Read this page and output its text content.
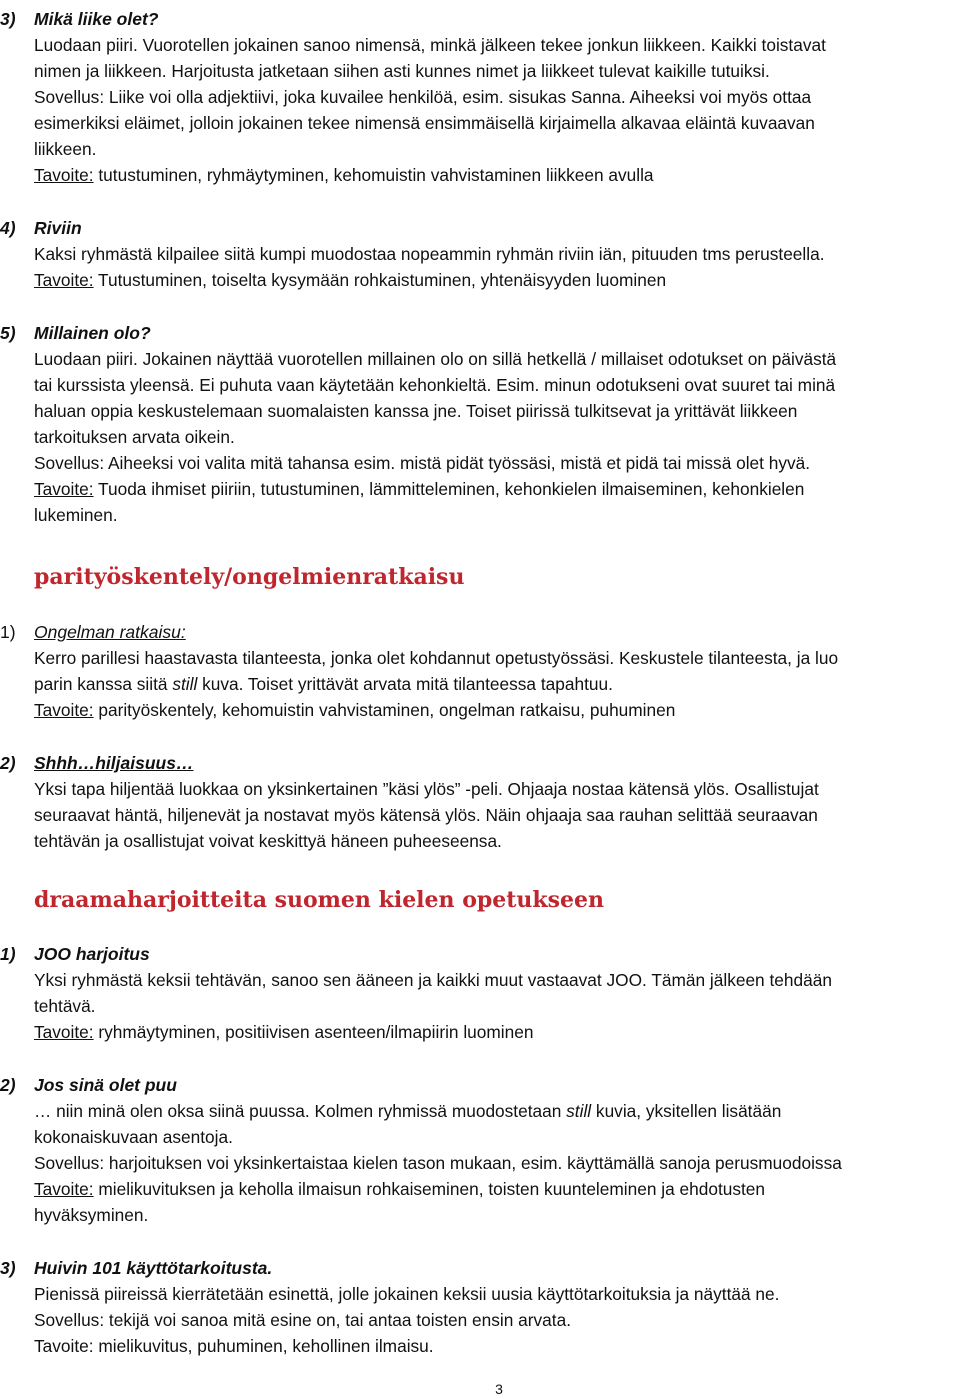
3) Mikä liike olet?
Luodaan piiri. Vuorotellen jokainen sanoo nimensä, minkä jälkeen tekee jonkun liikkeen. Kaikki toistavat
nimen ja liikkeen. Harjoitusta jatketaan siihen asti kunnes nimet ja liikkeet tulevat kaikille tutuiksi.
Sovellus: Liike voi olla adjektiivi, joka kuvailee henkilöä, esim. sisukas Sanna. Aiheeksi voi myös ottaa
esimerkiksi eläimet, jolloin jokainen tekee nimensä ensimmäisellä kirjaimella alkavaa eläintä kuvaavan
liikkeen.
Tavoite: tutustuminen, ryhmäytyminen, kehomuistin vahvistaminen liikkeen avulla
4) Riviin
Kaksi ryhmästä kilpailee siitä kumpi muodostaa nopeammin ryhmän riviin iän, pituuden tms perusteella.
Tavoite: Tutustuminen, toiselta kysymään rohkaistuminen, yhtenäisyyden luominen
5) Millainen olo?
Luodaan piiri. Jokainen näyttää vuorotellen millainen olo on sillä hetkellä / millaiset odotukset on päivästä
tai kurssista yleensä. Ei puhuta vaan käytetään kehonkieltä. Esim. minun odotukseni ovat suuret tai minä
haluan oppia keskustelemaan suomalaisten kanssa jne. Toiset piirissä tulkitsevat ja yrittävät liikkeen
tarkoituksen arvata oikein.
Sovellus: Aiheeksi voi valita mitä tahansa esim. mistä pidät työssäsi, mistä et pidä tai missä olet hyvä.
Tavoite: Tuoda ihmiset piiriin, tutustuminen, lämmitteleminen, kehonkielen ilmaiseminen, kehonkielen
lukeminen.
parityöskentely/ongelmienratkaisu
1) Ongelman ratkaisu:
Kerro parillesi haastavasta tilanteesta, jonka olet kohdannut opetustyössäsi. Keskustele tilanteesta, ja luo
parin kanssa siitä still kuva. Toiset yrittävät arvata mitä tilanteessa tapahtuu.
Tavoite: parityöskentely, kehomuistin vahvistaminen, ongelman ratkaisu, puhuminen
2) Shhh…hiljaisuus…
Yksi tapa hiljentää luokkaa on yksinkertainen ”käsi ylös” -peli. Ohjaaja nostaa kätensä ylös. Osallistujat
seuraavat häntä, hiljenevät ja nostavat myös kätensä ylös. Näin ohjaaja saa rauhan selittää seuraavan
tehtävän ja osallistujat voivat keskittyä häneen puheeseensa.
draamaharjoitteita suomen kielen opetukseen
1) JOO harjoitus
Yksi ryhmästä keksii tehtävän, sanoo sen ääneen ja kaikki muut vastaavat JOO. Tämän jälkeen tehdään
tehtävä.
Tavoite: ryhmäytyminen, positiivisen asenteen/ilmapiirin luominen
2) Jos sinä olet puu
… niin minä olen oksa siinä puussa. Kolmen ryhmissä muodostetaan still kuvia, yksitellen lisätään
kokonaiskuvaan asentoja.
Sovellus: harjoituksen voi yksinkertaistaa kielen tason mukaan, esim. käyttämällä sanoja perusmuodoissa
Tavoite: mielikuvituksen ja keholla ilmaisun rohkaiseminen, toisten kuunteleminen ja ehdotusten
hyväksyminen.
3) Huivin 101 käyttötarkoitusta.
Pienissä piireissä kierrätetään esinettä, jolle jokainen keksii uusia käyttötarkoituksia ja näyttää ne.
Sovellus: tekijä voi sanoa mitä esine on, tai antaa toisten ensin arvata.
Tavoite: mielikuvitus, puhuminen, kehollinen ilmaisu.
3
